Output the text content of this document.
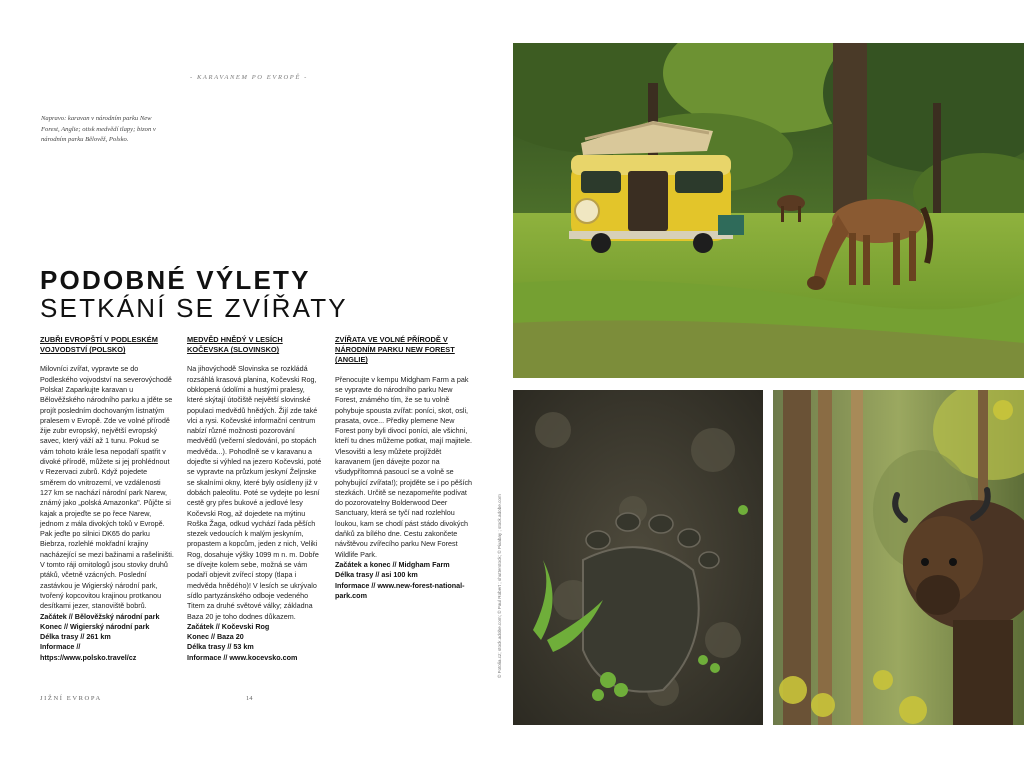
- KARAVANEM PO EVROPĚ -
Napravo: karavan v národním parku New Forest, Anglie; otisk medvědí tlapy; bizon v národním parku Bělověž, Polsko.
PODOBNÉ VÝLETY
SETKÁNÍ SE ZVÍŘATY

ZUBŘI EVROPŠTÍ V PODLESKÉM VOJVODSTVÍ (POLSKO)

Milovníci zvířat, vypravte se do Podleského vojvodství na severovýchodě Polska! Zaparkujte karavan u Bělověžského národního parku a jděte se projít posledním dochovaným listnatým pralesem v Evropě. Zde ve volné přírodě žije zubr evropský, největší evropský savec, který váží až 1 tunu. Pokud se vám tohoto krále lesa nepodaří spatřit v divoké přírodě, můžete si jej prohlédnout v Rezervaci zubrů. Když pojedete směrem do vnitrozemí, ve vzdálenosti 127 km se nachází národní park Narew, známý jako „polská Amazonka". Půjčte si kajak a projeďte se po řece Narew, jednom z mála divokých toků v Evropě. Pak jeďte po silnici DK65 do parku Biebrza, rozlehlé mokřadní krajiny nacházející se mezi bažinami a rašeliništi. V tomto ráji ornitologů jsou stovky druhů ptáků, včetně vzácných. Poslední zastávkou je Wigierský národní park, tvořený kopcovitou krajinou protkanou desítkami jezer, stanoviště bobrů.

Začátek // Bělověžský národní park

Konec // Wigierský národní park

Délka trasy // 261 km

Informace // https://www.polsko.travel/cz

MEDVĚD HNĚDÝ V LESÍCH KOČEVSKA (SLOVINSKO)

Na jihovýchodě Slovinska se rozkládá rozsáhlá krasová planina, Kočevski Rog, obklopená údolími a hustými pralesy, které skýtají útočiště největší slovinské populaci medvědů hnědých. Žijí zde také vlci a rysi. Kočevské informační centrum nabízí různé možnosti pozorování medvědů (večerní sledování, po stopách medvěda...). Pohodlně se v karavanu a dojeďte si výhled na jezero Kočevski, poté se vypravte na průzkum jeskyní Željnske se skalními okny, které byly osídleny již v dobách paleolitu. Poté se vydejte po lesní cestě gry přes bukové a jedlové lesy Kočevski Rog, až dojedete na mýtinu Roška Žaga, odkud vychází řada pěších stezek vedoucích k malým jeskyním, propastem a kopcům, jeden z nich, Veliki Rog, dosahuje výšky 1099 m n. m. Dobře se dívejte kolem sebe, možná se vám podaří objevit zvířecí stopy (tlapa i medvěda hnědého)! V lesích se ukrývalo sídlo partyzánského odboje vedeného Titem za druhé světové války; základna Baza 20 je toho dodnes důkazem.

Začátek // Kočevski Rog

Konec // Baza 20

Délka trasy // 53 km

Informace // www.kocevsko.com

ZVÍŘATA VE VOLNÉ PŘÍRODĚ V NÁRODNÍM PARKU NEW FOREST (ANGLIE)

Přenocujte v kempu Midgham Farm a pak se vypravte do národního parku New Forest, známého tím, že se tu volně pohybuje spousta zvířat: poníci, skot, osli, prasata, ovce... Předky plemene New Forest pony byli divocí poníci, ale všichni, kteří tu dnes můžeme potkat, mají majitele. Vlesovišti a lesy můžete projíždět karavanem (jen dávejte pozor na všudypřítomná pasoucí se a volně se pohybující zvířata!); projděte se i po pěších stezkách. Určitě se nezapomeňte podívat do pozorovatelny Bolderwood Deer Sanctuary, která se tyčí nad rozlehlou loukou, kam se chodí pást stádo divokých daňků za bílého dne. Cestu zakončete návštěvou zvířecího parku New Forest Wildlife Park.

Začátek a konec // Midgham Farm

Délka trasy // asi 100 km

Informace // www.new-forest-national-park.com

JIŽNÍ EVROPA	14
© Fotolia.cz; stock.adobe.com; © Paul Robert ; shutterstock; © Pixabay ; stock.adobe.com
